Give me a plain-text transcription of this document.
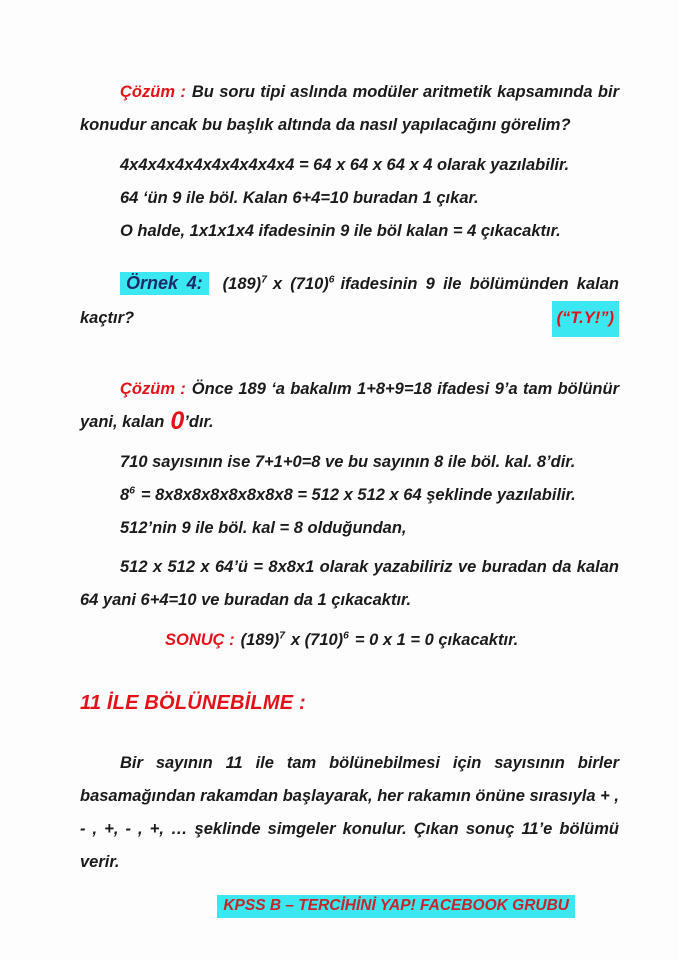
Çözüm : Bu soru tipi aslında modüler aritmetik kapsamında bir konudur ancak bu başlık altında da nasıl yapılacağını görelim?

4x4x4x4x4x4x4x4x4x4 = 64 x 64 x 64 x 4 olarak yazılabilir.

64 ‘ün 9 ile böl. Kalan 6+4=10 buradan 1 çıkar.

O halde, 1x1x1x4 ifadesinin 9 ile böl kalan = 4 çıkacaktır.

Örnek 4: $(189)^7$ x $(710)^6$ ifadesinin 9 ile bölümünden kalan
kaçtır?	(“T.Y!”)

Çözüm : Önce 189 ‘a bakalım 1+8+9=18 ifadesi 9’a tam bölünür yani, kalan 0’dır.

710 sayısının ise 7+1+0=8 ve bu sayının 8 ile böl. kal. 8’dir.

$8^6 = 8x8x8x8x8x8x8x8 = 512$ x 512 x 64 şeklinde yazılabilir.

512’nin 9 ile böl. kal = 8 olduğundan,

512 x 512 x 64’ü = 8x8x1 olarak yazabiliriz ve buradan da kalan 64 yani 6+4=10 ve buradan da 1 çıkacaktır.

SONUÇ : $(189)^7$ x $(710)^6 = 0$ x 1 = 0 çıkacaktır.

11 İLE BÖLÜNEBİLME :

Bir sayının 11 ile tam bölünebilmesi için sayısının birler basamağından rakamdan başlayarak, her rakamın önüne sırasıyla + , - , +, - , +, … şeklinde simgeler konulur. Çıkan sonuç 11’e bölümü verir.

KPSS B – TERCİHİNİ YAP! FACEBOOK GRUBU
